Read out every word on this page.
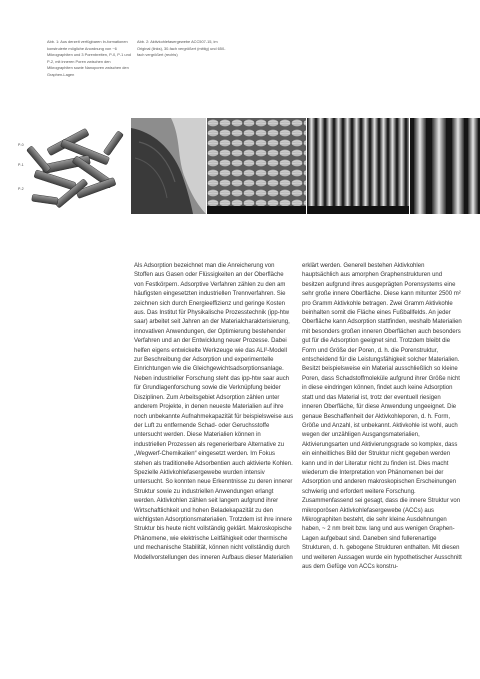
Abb. 1: Aus derzeit verfügbaren In-formationen konstruierte mögliche Anordnung von ~6 Mikrographiten und 3 Porenbreiten, P-0, P-1 und P-2, mit inneren Poren zwischen den Mikrographiten sowie Nanoporen zwischen den Graphen-Lagen
Abb. 2: Aktivkohlefasergewebe ACC507-15, im Original (links), 30-fach vergrößert (mittig) und 650-fach vergrößert (rechts)
P-0
P-1
P-2

Als Adsorption bezeichnet man die Anreicherung von Stoffen aus Gasen oder Flüssigkeiten an der Oberfläche von Festkörpern. Adsorptive Verfahren zählen zu den am häufigsten eingesetzten industriellen Trennverfahren. Sie zeichnen sich durch Energieeffizienz und geringe Kosten aus. Das Institut für Physikalische Prozesstechnik (ipp-htw saar) arbeitet seit Jahren an der Materialcharakterisierung, innovativen Anwendungen, der Optimierung bestehender Verfahren und an der Entwicklung neuer Prozesse. Dabei helfen eigens entwickelte Werkzeuge wie das ALI²-Modell zur Beschreibung der Adsorption und experimentelle Einrichtungen wie die Gleichgewichtsadsorptionsanlage. Neben industrieller Forschung steht das ipp-htw saar auch für Grundlagenforschung sowie die Verknüpfung beider Disziplinen. Zum Arbeitsgebiet Adsorption zählen unter anderem Projekte, in denen neueste Materialien auf ihre noch unbekannte Aufnahmekapazität für beispielsweise aus der Luft zu entfernende Schad- oder Geruchsstoffe untersucht werden. Diese Materialien können in industriellen Prozessen als regenerierbare Alternative zu „Wegwerf-Chemikalien“ eingesetzt werden. Im Fokus stehen als traditionelle Adsorbentien auch aktivierte Kohlen. Spezielle Aktivkohlefasergewebe wurden intensiv untersucht. So konnten neue Erkenntnisse zu deren innerer Struktur sowie zu industriellen Anwendungen erlangt werden. Aktivkohlen zählen seit langem aufgrund ihrer Wirtschaftlichkeit und hohen Beladekapazität zu den wichtigsten Adsorptionsmaterialien. Trotzdem ist ihre innere Struktur bis heute nicht vollständig geklärt. Makroskopische Phänomene, wie elektrische Leitfähigkeit oder thermische und mechanische Stabilität, können nicht vollständig durch Modellvorstellungen des inneren Aufbaus dieser Materialien

erklärt werden. Generell bestehen Aktivkohlen hauptsächlich aus amorphen Graphenstrukturen und besitzen aufgrund ihres ausgeprägten Porensystems eine sehr große innere Oberfläche. Diese kann mitunter 2500 m² pro Gramm Aktivkohle betragen. Zwei Gramm Aktivkohle beinhalten somit die Fläche eines Fußballfelds. An jeder Oberfläche kann Adsorption stattfinden, weshalb Materialien mit besonders großen inneren Oberflächen auch besonders gut für die Adsorption geeignet sind. Trotzdem bleibt die Form und Größe der Poren, d. h. die Porenstruktur, entscheidend für die Leistungsfähigkeit solcher Materialien. Besitzt beispielsweise ein Material ausschließlich so kleine Poren, dass Schadstoffmoleküle aufgrund ihrer Größe nicht in diese eindringen können, findet auch keine Adsorption statt und das Material ist, trotz der eventuell riesigen inneren Oberfläche, für diese Anwendung ungeeignet. Die genaue Beschaffenheit der Aktivkohleporen, d. h. Form, Größe und Anzahl, ist unbekannt. Aktivkohle ist wohl, auch wegen der unzähligen Ausgangsmaterialien, Aktivierungsarten und Aktivierungsgrade so komplex, dass ein einheitliches Bild der Struktur nicht gegeben werden kann und in der Literatur nicht zu finden ist. Dies macht wiederum die Interpretation von Phänomenen bei der Adsorption und anderen makroskopischen Erscheinungen schwierig und erfordert weitere Forschung. Zusammenfassend sei gesagt, dass die innere Struktur von mikroporösen Aktivkohlefasergewebe (ACCs) aus Mikrographiten besteht, die sehr kleine Ausdehnungen haben, ~ 2 nm breit bzw. lang und aus wenigen Graphen-Lagen aufgebaut sind. Daneben sind fullerenartige Strukturen, d. h. gebogene Strukturen enthalten. Mit diesen und weiteren Aussagen wurde ein hypothetischer Ausschnitt aus dem Gefüge von ACCs konstru-
